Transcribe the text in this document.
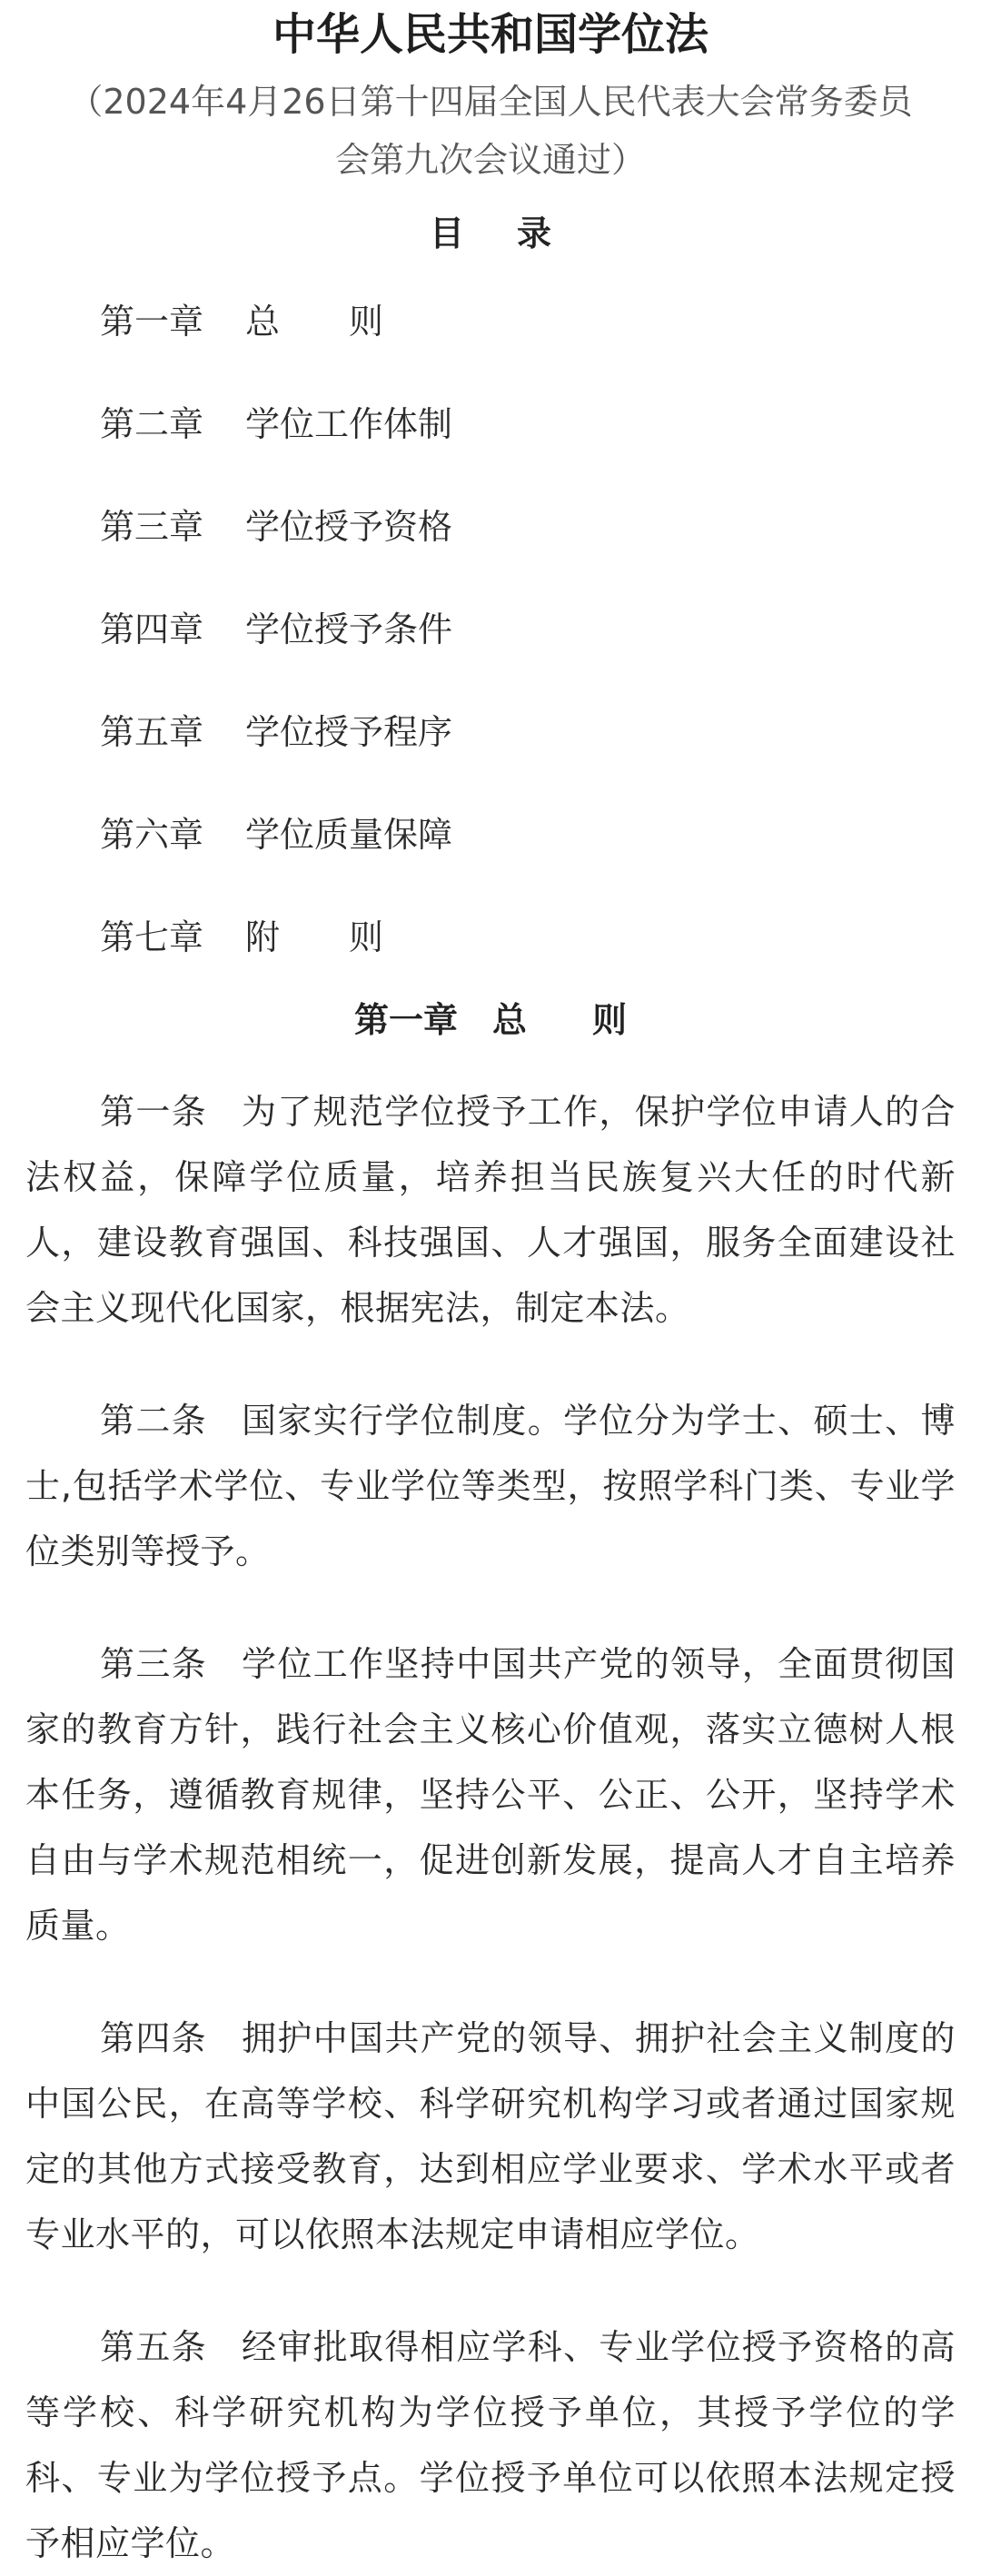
中华人民共和国学位法
（2024年4月26日第十四届全国人民代表大会常务委员会第九次会议通过）
目 录
第一章	总　　则
第二章	学位工作体制
第三章	学位授予资格
第四章	学位授予条件
第五章	学位授予程序
第六章	学位质量保障
第七章	附　　则
第一章 总 则

第一条 为了规范学位授予工作，保护学位申请人的合法权益，保障学位质量，培养担当民族复兴大任的时代新人，建设教育强国、科技强国、人才强国，服务全面建设社会主义现代化国家，根据宪法，制定本法。

第二条 国家实行学位制度。学位分为学士、硕士、博士,包括学术学位、专业学位等类型，按照学科门类、专业学位类别等授予。

第三条 学位工作坚持中国共产党的领导，全面贯彻国家的教育方针，践行社会主义核心价值观，落实立德树人根本任务，遵循教育规律，坚持公平、公正、公开，坚持学术自由与学术规范相统一，促进创新发展，提高人才自主培养质量。

第四条 拥护中国共产党的领导、拥护社会主义制度的中国公民，在高等学校、科学研究机构学习或者通过国家规定的其他方式接受教育，达到相应学业要求、学术水平或者专业水平的，可以依照本法规定申请相应学位。

第五条 经审批取得相应学科、专业学位授予资格的高等学校、科学研究机构为学位授予单位，其授予学位的学科、专业为学位授予点。学位授予单位可以依照本法规定授予相应学位。
